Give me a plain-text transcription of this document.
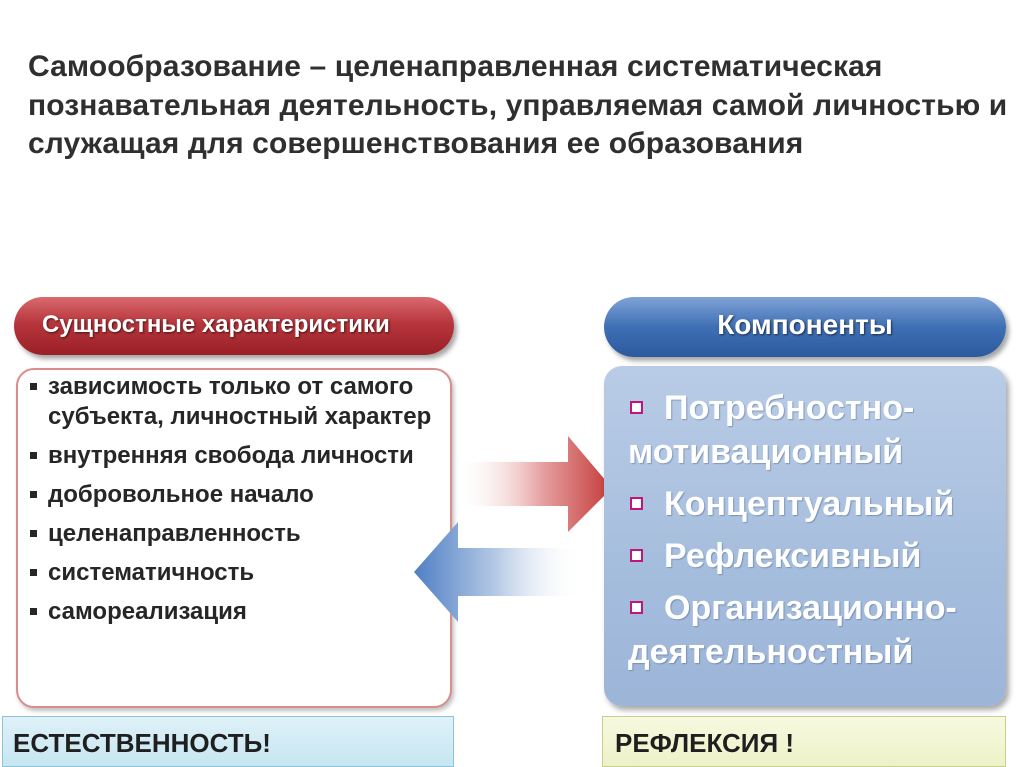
Самообразование – целенаправленная систематическая познавательная деятельность, управляемая самой личностью и служащая для совершенствования ее образования
Сущностные характеристики
зависимость только от самого субъекта, личностный характер
внутренняя свобода личности
добровольное начало
целенаправленность
систематичность
самореализация
Компоненты
Потребностно-
мотивационный
Концептуальный
Рефлексивный
Организационно-
деятельностный
ЕСТЕСТВЕННОСТЬ!	РЕФЛЕКСИЯ !
